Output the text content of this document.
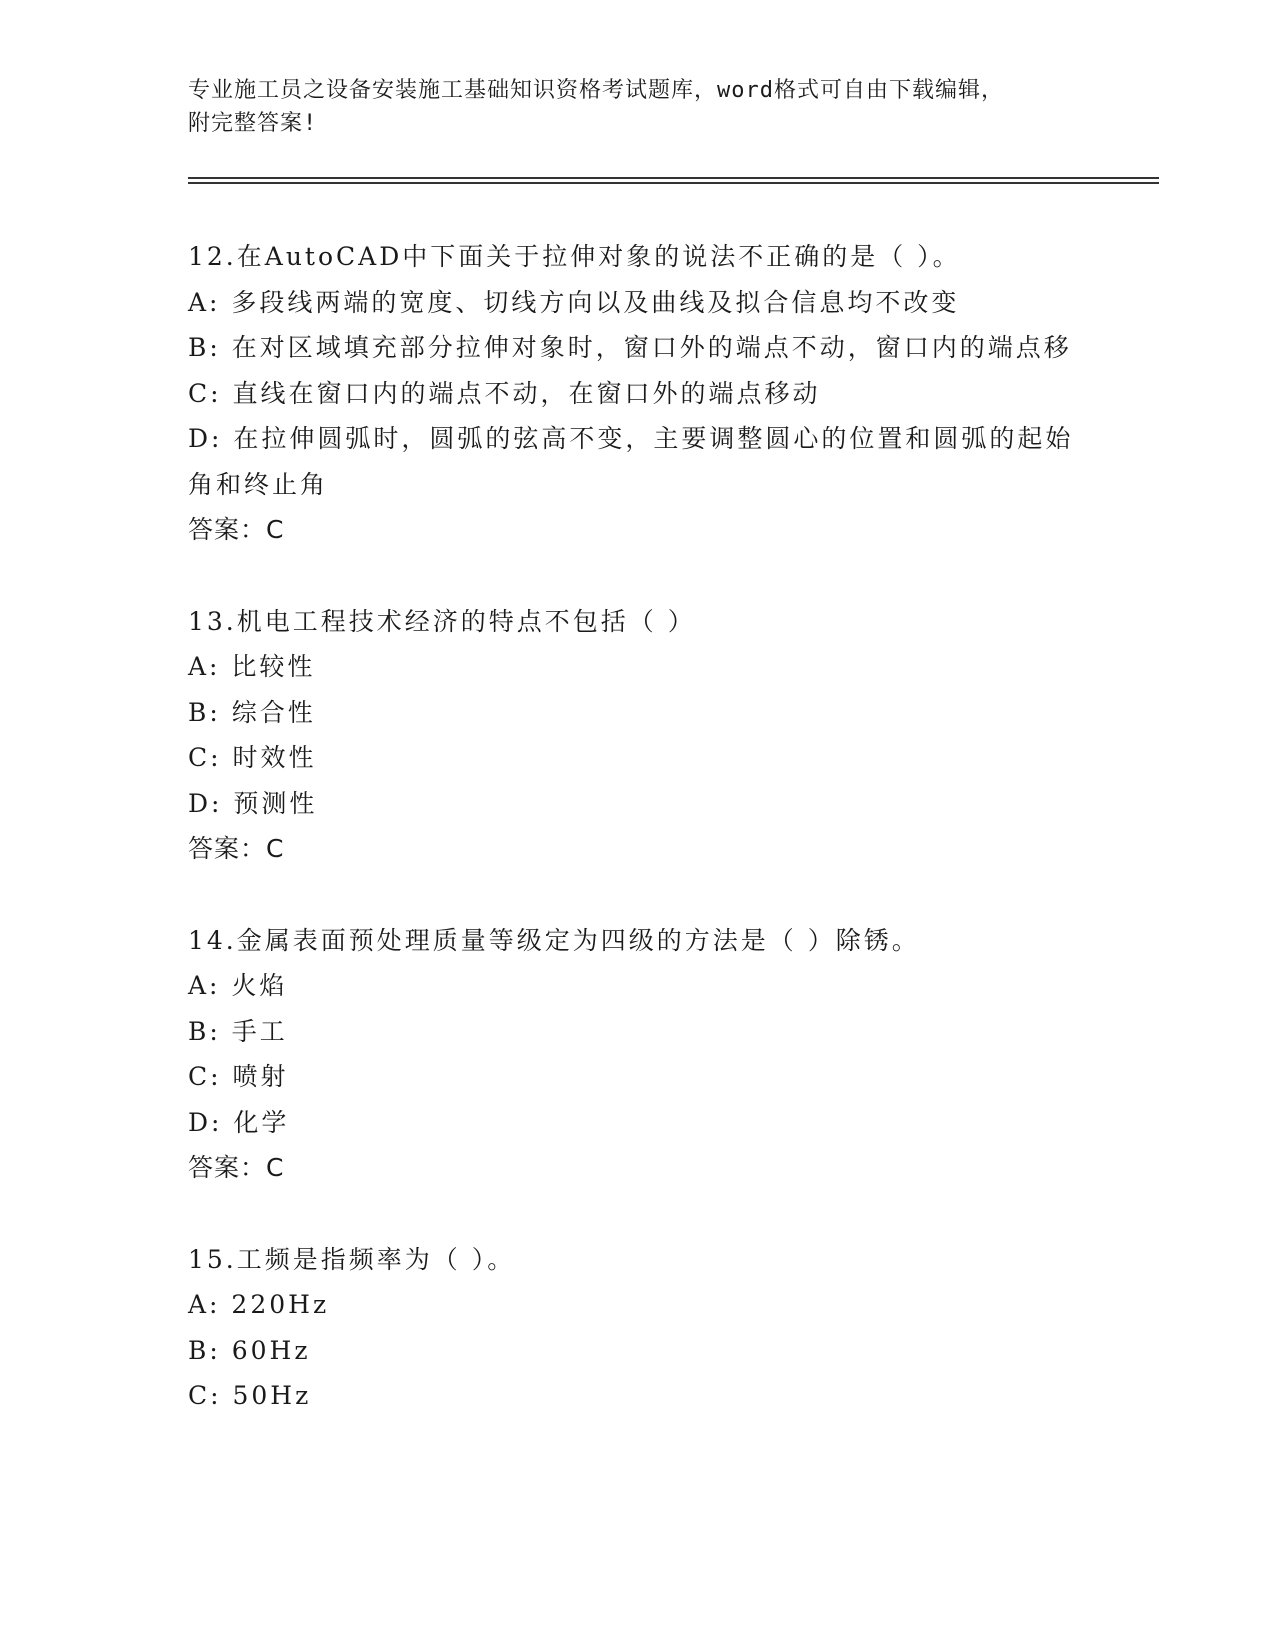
专业施工员之设备安装施工基础知识资格考试题库，word格式可自由下载编辑，
附完整答案!
12.在AutoCAD中下面关于拉伸对象的说法不正确的是（ ）。
A: 多段线两端的宽度、切线方向以及曲线及拟合信息均不改变
B: 在对区域填充部分拉伸对象时，窗口外的端点不动，窗口内的端点移
C: 直线在窗口内的端点不动，在窗口外的端点移动
D: 在拉伸圆弧时，圆弧的弦高不变，主要调整圆心的位置和圆弧的起始角和终止角
答案：C
13.机电工程技术经济的特点不包括（ ）
A: 比较性
B: 综合性
C: 时效性
D: 预测性
答案：C
14.金属表面预处理质量等级定为四级的方法是（ ）除锈。
A: 火焰
B: 手工
C: 喷射
D: 化学
答案：C
15.工频是指频率为（ ）。
A: 220Hz
B: 60Hz
C: 50Hz
